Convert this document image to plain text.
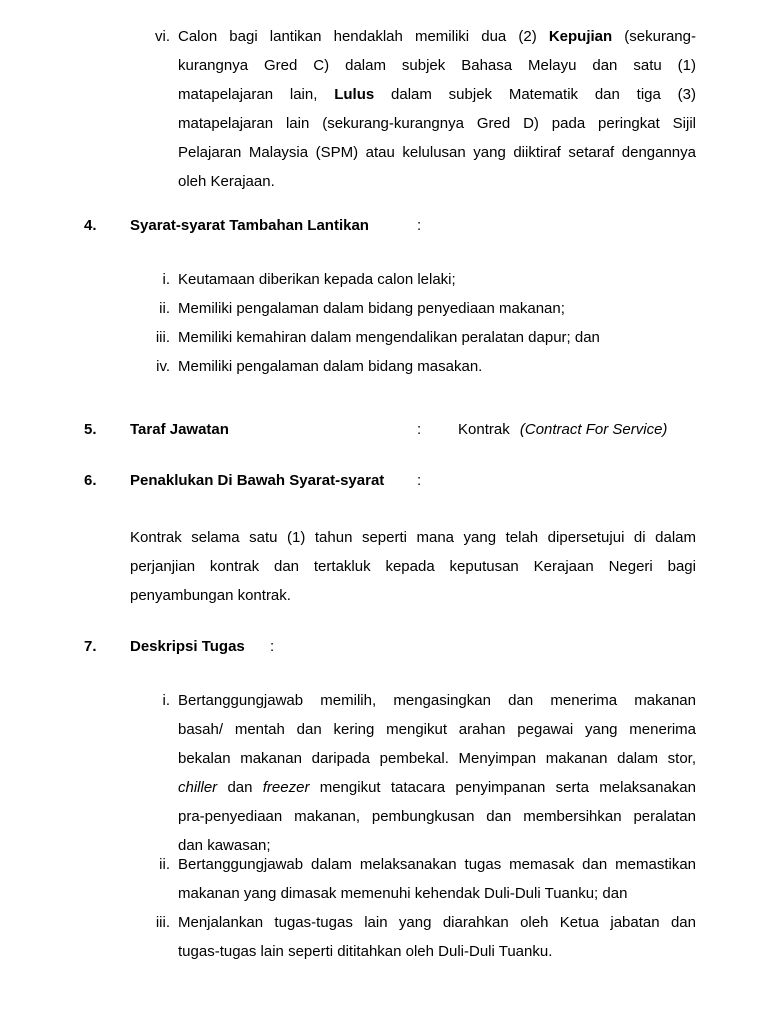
vi. Calon bagi lantikan hendaklah memiliki dua (2) Kepujian (sekurang-
kurangnya Gred C) dalam subjek Bahasa Melayu dan satu (1)
matapelajaran lain, Lulus dalam subjek Matematik dan tiga (3)
matapelajaran lain (sekurang-kurangnya Gred D) pada peringkat Sijil
Pelajaran Malaysia (SPM) atau kelulusan yang diiktiraf setaraf dengannya
oleh Kerajaan.
4. Syarat-syarat Tambahan Lantikan	:
i. Keutamaan diberikan kepada calon lelaki;
ii. Memiliki pengalaman dalam bidang penyediaan makanan;
iii. Memiliki kemahiran dalam mengendalikan peralatan dapur; dan
iv. Memiliki pengalaman dalam bidang masakan.
5. Taraf Jawatan	: Kontrak (Contract For Service)
6. Penaklukan Di Bawah Syarat-syarat :
Kontrak selama satu (1) tahun seperti mana yang telah dipersetujui di dalam
perjanjian kontrak dan tertakluk kepada keputusan Kerajaan Negeri bagi
penyambungan kontrak.
7. Deskripsi Tugas :
i. Bertanggungjawab memilih, mengasingkan dan menerima makanan
basah/ mentah dan kering mengikut arahan pegawai yang menerima
bekalan makanan daripada pembekal. Menyimpan makanan dalam stor,
chiller dan freezer mengikut tatacara penyimpanan serta melaksanakan
pra-penyediaan makanan, pembungkusan dan membersihkan peralatan
dan kawasan;
ii. Bertanggungjawab dalam melaksanakan tugas memasak dan memastikan
makanan yang dimasak memenuhi kehendak Duli-Duli Tuanku; dan
iii. Menjalankan tugas-tugas lain yang diarahkan oleh Ketua jabatan dan
tugas-tugas lain seperti dititahkan oleh Duli-Duli Tuanku.
